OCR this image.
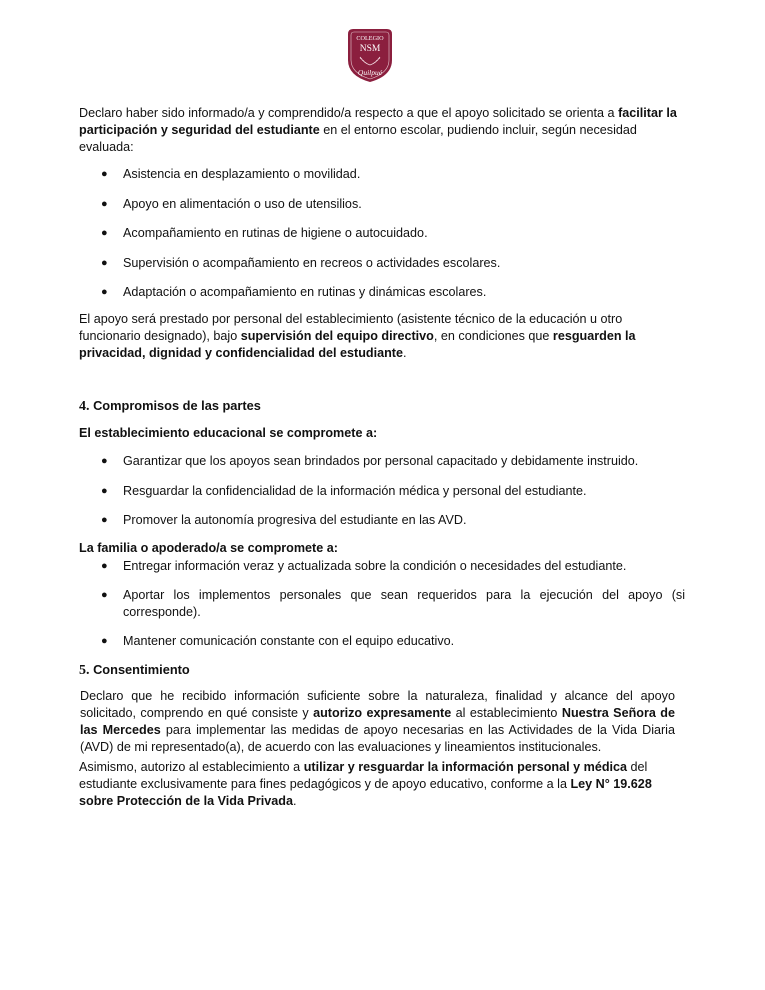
COLEGIO
NSM
Quilpué

Declaro haber sido informado/a y comprendido/a respecto a que el apoyo solicitado se orienta a facilitar la participación y seguridad del estudiante en el entorno escolar, pudiendo incluir, según necesidad evaluada:

● Asistencia en desplazamiento o movilidad.
● Apoyo en alimentación o uso de utensilios.
● Acompañamiento en rutinas de higiene o autocuidado.
● Supervisión o acompañamiento en recreos o actividades escolares.
● Adaptación o acompañamiento en rutinas y dinámicas escolares.

El apoyo será prestado por personal del establecimiento (asistente técnico de la educación u otro funcionario designado), bajo supervisión del equipo directivo, en condiciones que resguarden la privacidad, dignidad y confidencialidad del estudiante.

4. Compromisos de las partes

El establecimiento educacional se compromete a:

● Garantizar que los apoyos sean brindados por personal capacitado y debidamente instruido.
● Resguardar la confidencialidad de la información médica y personal del estudiante.
● Promover la autonomía progresiva del estudiante en las AVD.

La familia o apoderado/a se compromete a:

● Entregar información veraz y actualizada sobre la condición o necesidades del estudiante.
● Aportar los implementos personales que sean requeridos para la ejecución del apoyo (si corresponde).
● Mantener comunicación constante con el equipo educativo.
5. Consentimiento

Declaro que he recibido información suficiente sobre la naturaleza, finalidad y alcance del apoyo solicitado, comprendo en qué consiste y autorizo expresamente al establecimiento Nuestra Señora de las Mercedes para implementar las medidas de apoyo necesarias en las Actividades de la Vida Diaria (AVD) de mi representado(a), de acuerdo con las evaluaciones y lineamientos institucionales.

Asimismo, autorizo al establecimiento a utilizar y resguardar la información personal y médica del estudiante exclusivamente para fines pedagógicos y de apoyo educativo, conforme a la Ley N° 19.628 sobre Protección de la Vida Privada.
